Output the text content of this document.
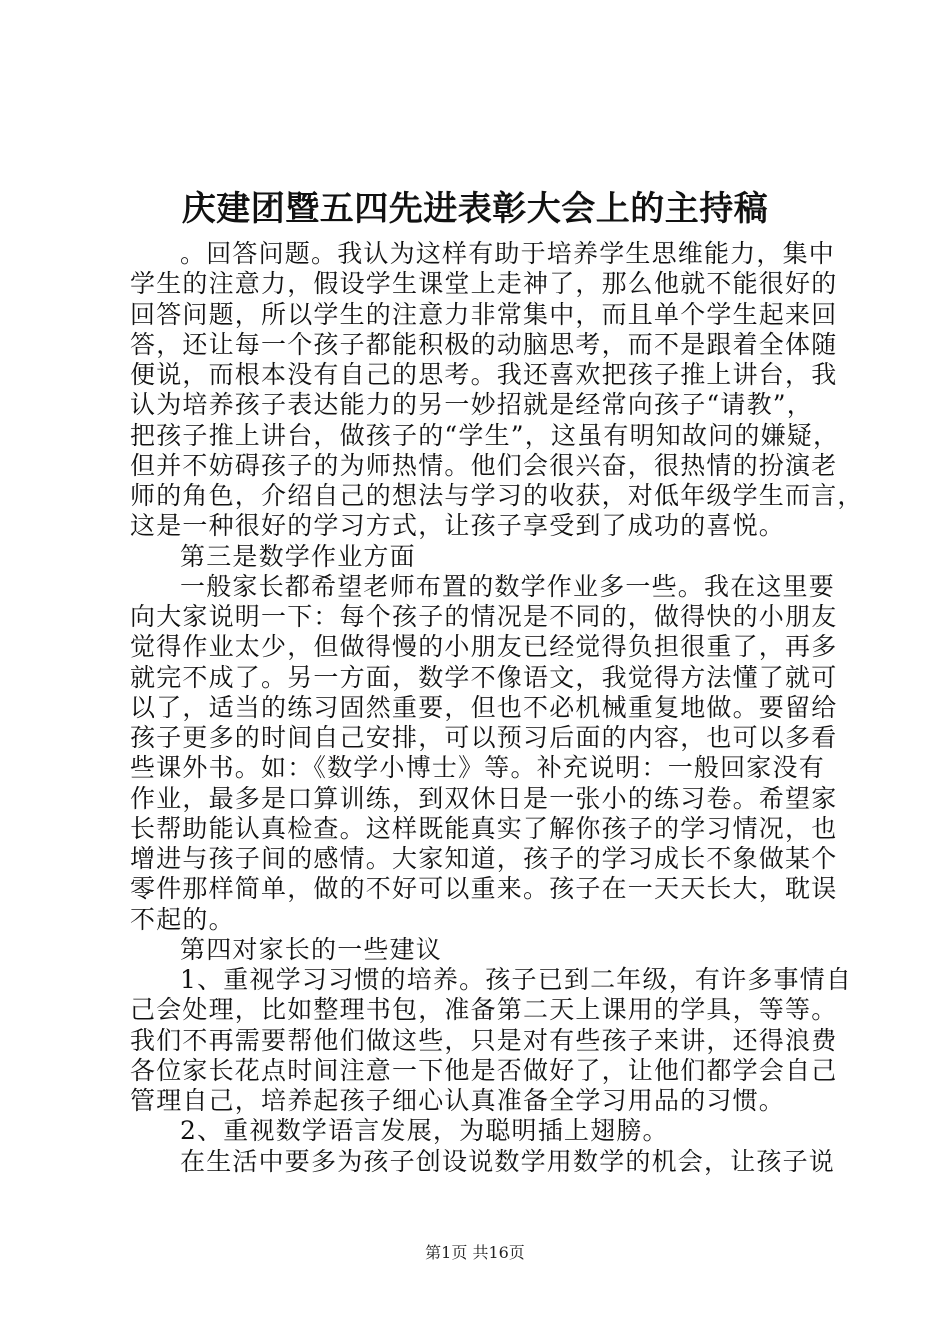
庆建团暨五四先进表彰大会上的主持稿
。回答问题。我认为这样有助于培养学生思维能力，集中
学生的注意力，假设学生课堂上走神了，那么他就不能很好的
回答问题，所以学生的注意力非常集中，而且单个学生起来回
答，还让每一个孩子都能积极的动脑思考，而不是跟着全体随
便说，而根本没有自己的思考。我还喜欢把孩子推上讲台，我
认为培养孩子表达能力的另一妙招就是经常向孩子“请教”，
把孩子推上讲台，做孩子的“学生”，这虽有明知故问的嫌疑，
但并不妨碍孩子的为师热情。他们会很兴奋，很热情的扮演老
师的角色，介绍自己的想法与学习的收获，对低年级学生而言，
这是一种很好的学习方式，让孩子享受到了成功的喜悦。
第三是数学作业方面
一般家长都希望老师布置的数学作业多一些。我在这里要
向大家说明一下：每个孩子的情况是不同的，做得快的小朋友
觉得作业太少，但做得慢的小朋友已经觉得负担很重了，再多
就完不成了。另一方面，数学不像语文，我觉得方法懂了就可
以了，适当的练习固然重要，但也不必机械重复地做。要留给
孩子更多的时间自己安排，可以预习后面的内容，也可以多看
些课外书。如：《数学小博士》等。补充说明：一般回家没有
作业，最多是口算训练，到双休日是一张小的练习卷。希望家
长帮助能认真检查。这样既能真实了解你孩子的学习情况，也
增进与孩子间的感情。大家知道，孩子的学习成长不象做某个
零件那样简单，做的不好可以重来。孩子在一天天长大，耽误
不起的。
第四对家长的一些建议
1、重视学习习惯的培养。孩子已到二年级，有许多事情自
己会处理，比如整理书包，准备第二天上课用的学具，等等。
我们不再需要帮他们做这些，只是对有些孩子来讲，还得浪费
各位家长花点时间注意一下他是否做好了，让他们都学会自己
管理自己，培养起孩子细心认真准备全学习用品的习惯。
2、重视数学语言发展，为聪明插上翅膀。
在生活中要多为孩子创设说数学用数学的机会，让孩子说
第1页 共16页
